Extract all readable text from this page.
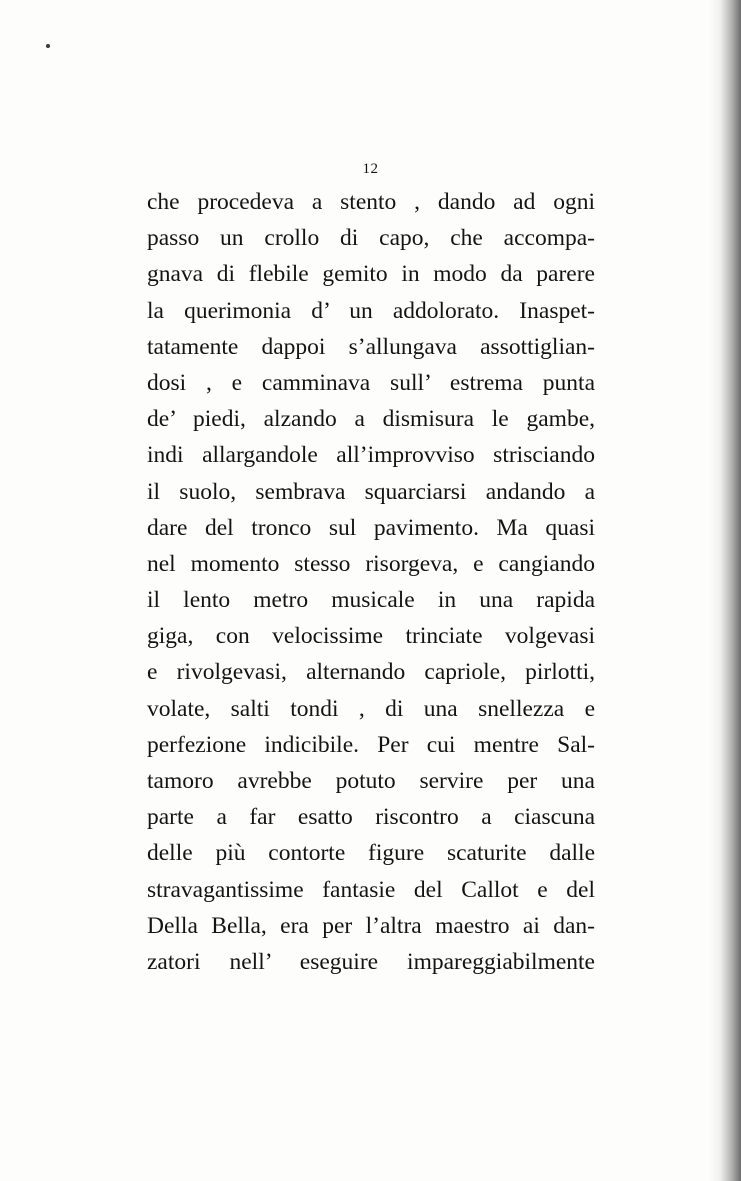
12
che procedeva a stento , dando ad ogni
passo un crollo di capo, che accompa-
gnava di flebile gemito in modo da parere
la querimonia d’ un addolorato. Inaspet-
tatamente dappoi s’allungava assottiglian-
dosi , e camminava sull’ estrema punta
de’ piedi, alzando a dismisura le gambe,
indi allargandole all’improvviso strisciando
il suolo, sembrava squarciarsi andando a
dare del tronco sul pavimento. Ma quasi
nel momento stesso risorgeva, e cangiando
il lento metro musicale in una rapida
giga, con velocissime trinciate volgevasi
e rivolgevasi, alternando capriole, pirlotti,
volate, salti tondi , di una snellezza e
perfezione indicibile. Per cui mentre Sal-
tamoro avrebbe potuto servire per una
parte a far esatto riscontro a ciascuna
delle più contorte figure scaturite dalle
stravagantissime fantasie del Callot e del
Della Bella, era per l’altra maestro ai dan-
zatori nell’ eseguire impareggiabilmente
